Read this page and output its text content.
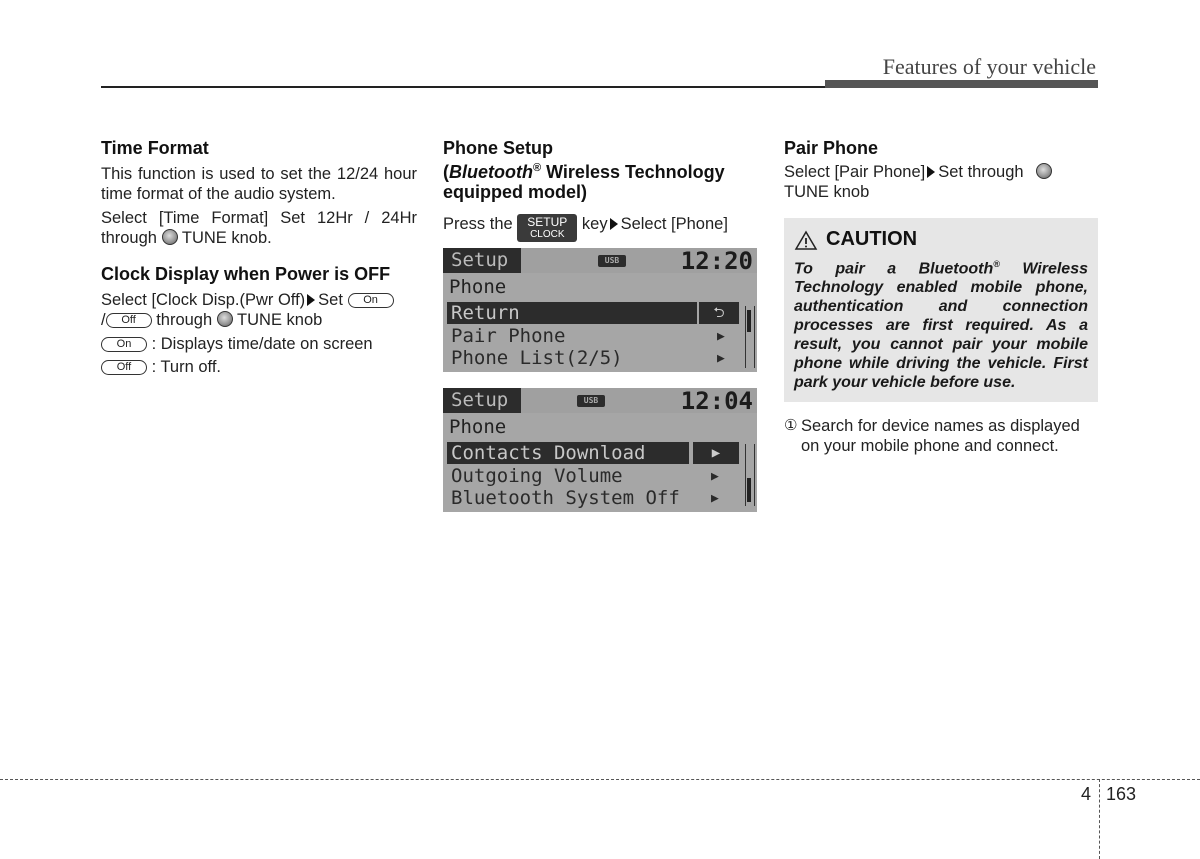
Features of your vehicle
Time Format

This function is used to set the 12/24 hour time format of the audio system.

Select [Time Format] Set 12Hr / 24Hr through TUNE knob.

Clock Display when Power is OFF

Select [Clock Disp.(Pwr Off) Set On
/ Off through TUNE knob

On : Displays time/date on screen

Off : Turn off.

Phone Setup
(Bluetooth® Wireless Technology
equipped model)

Press the SETUP
CLOCK key Select [Phone]

Setup	USB	12:20
Phone
Return	⮌
Pair Phone	▶
Phone List(2/5)	▶
Setup	USB	12:04
Phone
Contacts Download	▶
Outgoing Volume	▶
Bluetooth System Off	▶
Pair Phone

Select [Pair Phone] Set through
TUNE knob

CAUTION
To pair a Bluetooth® Wireless Technology enabled mobile phone, authentication and connection processes are first required. As a result, you cannot pair your mobile phone while driving the vehicle. First park your vehicle before use.

① Search for device names as displayed on your mobile phone and connect.

4 163
